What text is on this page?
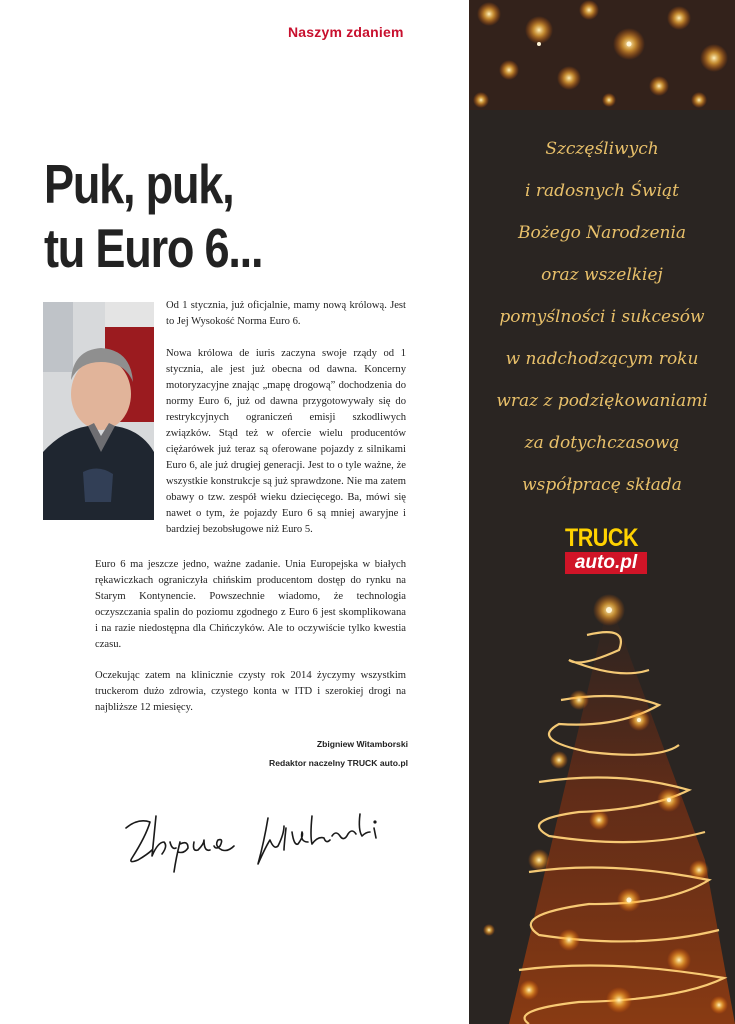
Naszym zdaniem
Puk, puk,
tu Euro 6...

Od 1 stycznia, już oficjalnie, mamy nową królową. Jest to Jej Wysokość Norma Euro 6.

Nowa królowa de iuris zaczyna swoje rządy od 1 stycznia, ale jest już obecna od dawna. Koncerny motoryzacyjne znając „mapę drogową” dochodzenia do normy Euro 6, już od dawna przygotowywały się do restrykcyjnych ograniczeń emisji szkodliwych związków. Stąd też w ofercie wielu producentów ciężarówek już teraz są oferowane pojazdy z silnikami Euro 6, ale już drugiej generacji. Jest to o tyle ważne, że wszystkie konstrukcje są już sprawdzone. Nie ma zatem obawy o tzw. zespół wieku dziecięcego. Ba, mówi się nawet o tym, że pojazdy Euro 6 są mniej awaryjne i bardziej bezobsługowe niż Euro 5.

Euro 6 ma jeszcze jedno, ważne zadanie. Unia Europejska w białych rękawiczkach ograniczyła chińskim producentom dostęp do rynku na Starym Kontynencie. Powszechnie wiadomo, że technologia oczyszczania spalin do poziomu zgodnego z Euro 6 jest skomplikowana i na razie niedostępna dla Chińczyków. Ale to oczywiście tylko kwestia czasu.

Oczekując zatem na klinicznie czysty rok 2014 życzymy wszystkim truckerom dużo zdrowia, czystego konta w ITD i szerokiej drogi na najbliższe 12 miesięcy.

Zbigniew Witamborski
Redaktor naczelny TRUCK auto.pl
Szczęśliwych
i radosnych Świąt
Bożego Narodzenia
oraz wszelkiej
pomyślności i sukcesów
w nadchodzącym roku
wraz z podziękowaniami
za dotychczasową
współpracę składa
TRUCK
auto.pl
